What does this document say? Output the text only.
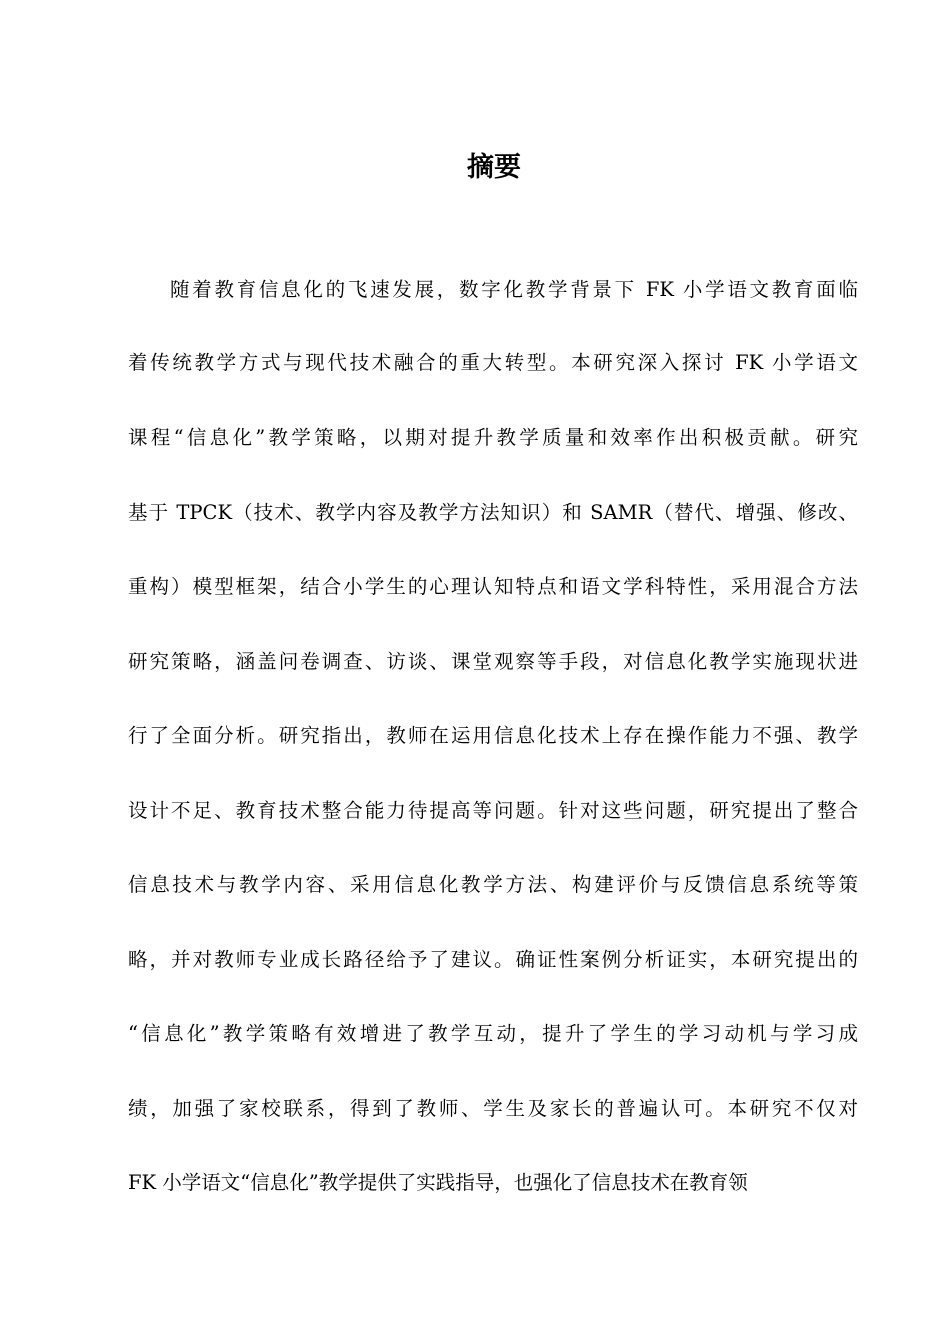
摘要

随着教育信息化的飞速发展，数字化教学背景下 FK 小学语文教育面临

着传统教学方式与现代技术融合的重大转型。本研究深入探讨 FK 小学语文

课程“信息化”教学策略，以期对提升教学质量和效率作出积极贡献。研究

基于 TPCK（技术、教学内容及教学方法知识）和 SAMR（替代、增强、修改、

重构）模型框架，结合小学生的心理认知特点和语文学科特性，采用混合方法

研究策略，涵盖问卷调查、访谈、课堂观察等手段，对信息化教学实施现状进

行了全面分析。研究指出，教师在运用信息化技术上存在操作能力不强、教学

设计不足、教育技术整合能力待提高等问题。针对这些问题，研究提出了整合

信息技术与教学内容、采用信息化教学方法、构建评价与反馈信息系统等策

略，并对教师专业成长路径给予了建议。确证性案例分析证实，本研究提出的

“信息化”教学策略有效增进了教学互动，提升了学生的学习动机与学习成

绩，加强了家校联系，得到了教师、学生及家长的普遍认可。本研究不仅对

FK 小学语文“信息化”教学提供了实践指导，也强化了信息技术在教育领
